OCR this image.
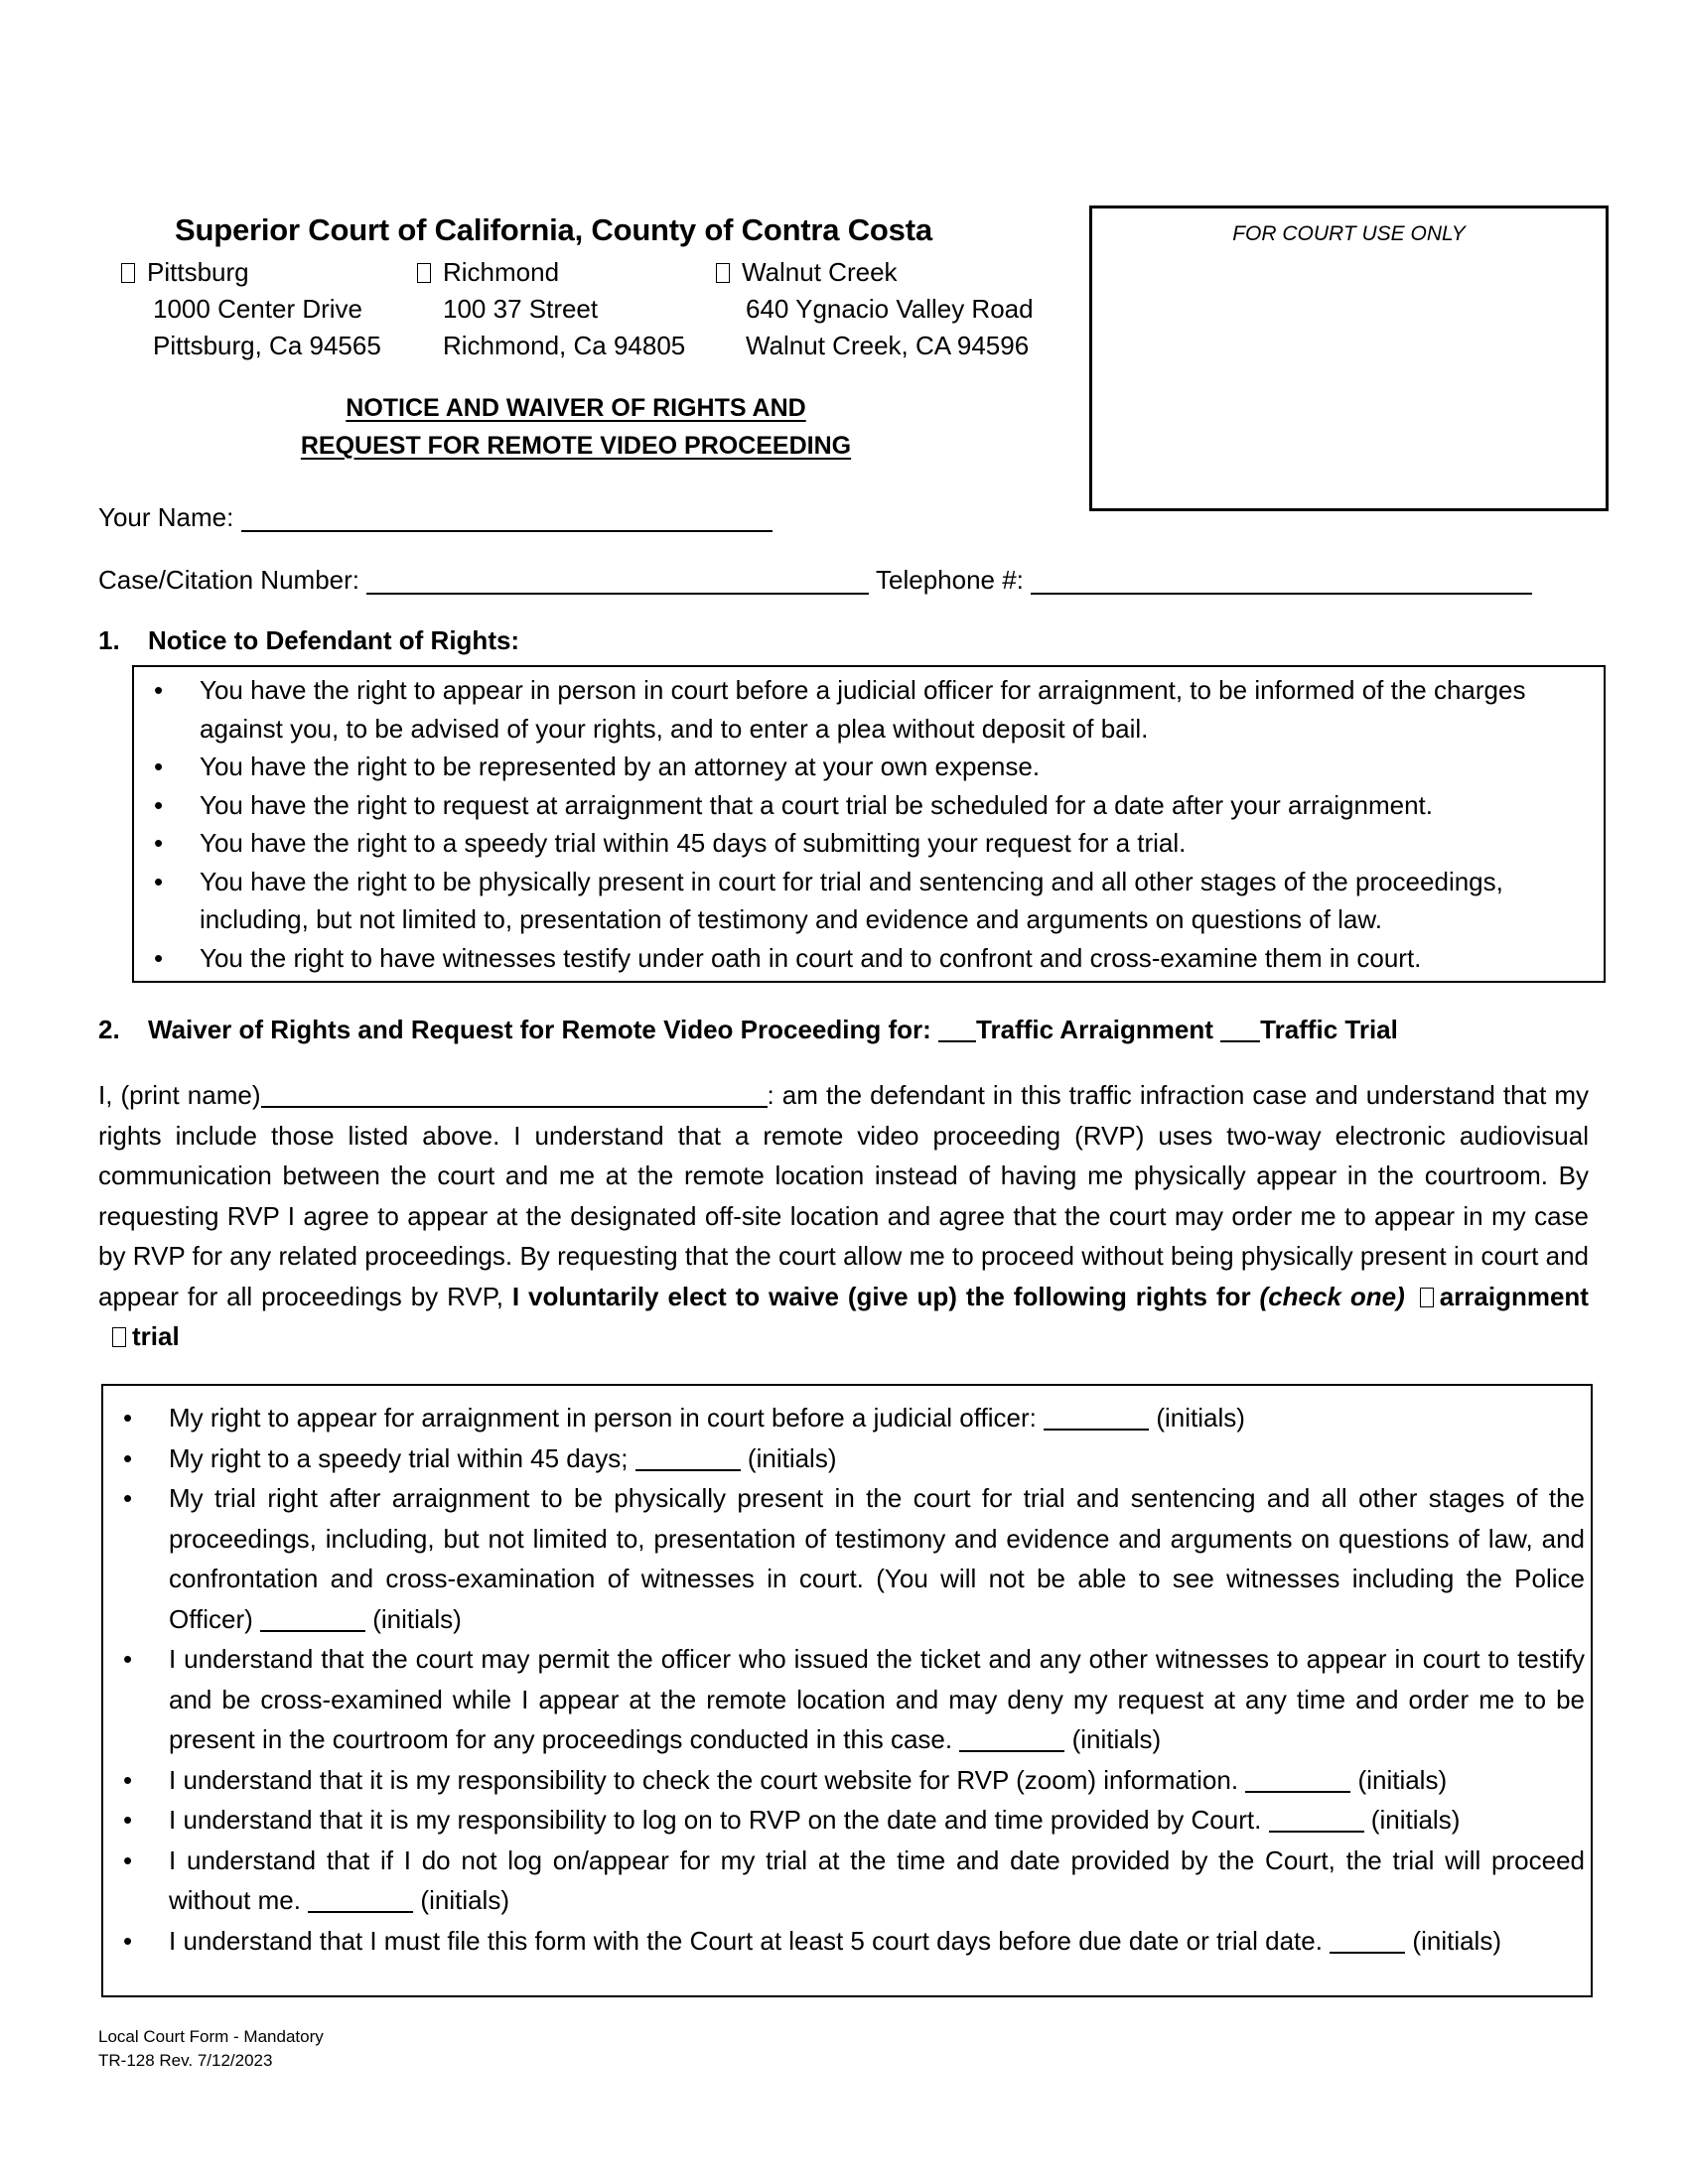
Superior Court of California, County of Contra Costa
Pittsburg
1000 Center Drive
Pittsburg, Ca 94565
Richmond
100 37 Street
Richmond, Ca 94805
Walnut Creek
640 Ygnacio Valley Road
Walnut Creek, CA 94596
FOR COURT USE ONLY
NOTICE AND WAIVER OF RIGHTS AND
REQUEST FOR REMOTE VIDEO PROCEEDING
Your Name:
Case/Citation Number:	Telephone #:
1. Notice to Defendant of Rights:
• You have the right to appear in person in court before a judicial officer for arraignment, to be informed of the charges against you, to be advised of your rights, and to enter a plea without deposit of bail.
• You have the right to be represented by an attorney at your own expense.
• You have the right to request at arraignment that a court trial be scheduled for a date after your arraignment.
• You have the right to a speedy trial within 45 days of submitting your request for a trial.
• You have the right to be physically present in court for trial and sentencing and all other stages of the proceedings, including, but not limited to, presentation of testimony and evidence and arguments on questions of law.
• You the right to have witnesses testify under oath in court and to confront and cross-examine them in court.
2. Waiver of Rights and Request for Remote Video Proceeding for: Traffic Arraignment Traffic Trial
I, (print name)	: am the defendant in this traffic infraction case and understand that my rights include those listed above. I understand that a remote video proceeding (RVP) uses two-way electronic audiovisual communication between the court and me at the remote location instead of having me physically appear in the courtroom. By requesting RVP I agree to appear at the designated off-site location and agree that the court may order me to appear in my case by RVP for any related proceedings. By requesting that the court allow me to proceed without being physically present in court and appear for all proceedings by RVP, I voluntarily elect to waive (give up) the following rights for (check one) arraignment trial
• My right to appear for arraignment in person in court before a judicial officer:	(initials)
• My right to a speedy trial within 45 days;	(initials)
• My trial right after arraignment to be physically present in the court for trial and sentencing and all other stages of the proceedings, including, but not limited to, presentation of testimony and evidence and arguments on questions of law, and confrontation and cross-examination of witnesses in court. (You will not be able to see witnesses including the Police Officer)	(initials)
• I understand that the court may permit the officer who issued the ticket and any other witnesses to appear in court to testify and be cross-examined while I appear at the remote location and may deny my request at any time and order me to be present in the courtroom for any proceedings conducted in this case.	(initials)
• I understand that it is my responsibility to check the court website for RVP (zoom) information.	(initials)
• I understand that it is my responsibility to log on to RVP on the date and time provided by Court.	(initials)
• I understand that if I do not log on/appear for my trial at the time and date provided by the Court, the trial will proceed without me.	(initials)
• I understand that I must file this form with the Court at least 5 court days before due date or trial date.	(initials)
Local Court Form - Mandatory
TR-128 Rev. 7/12/2023
